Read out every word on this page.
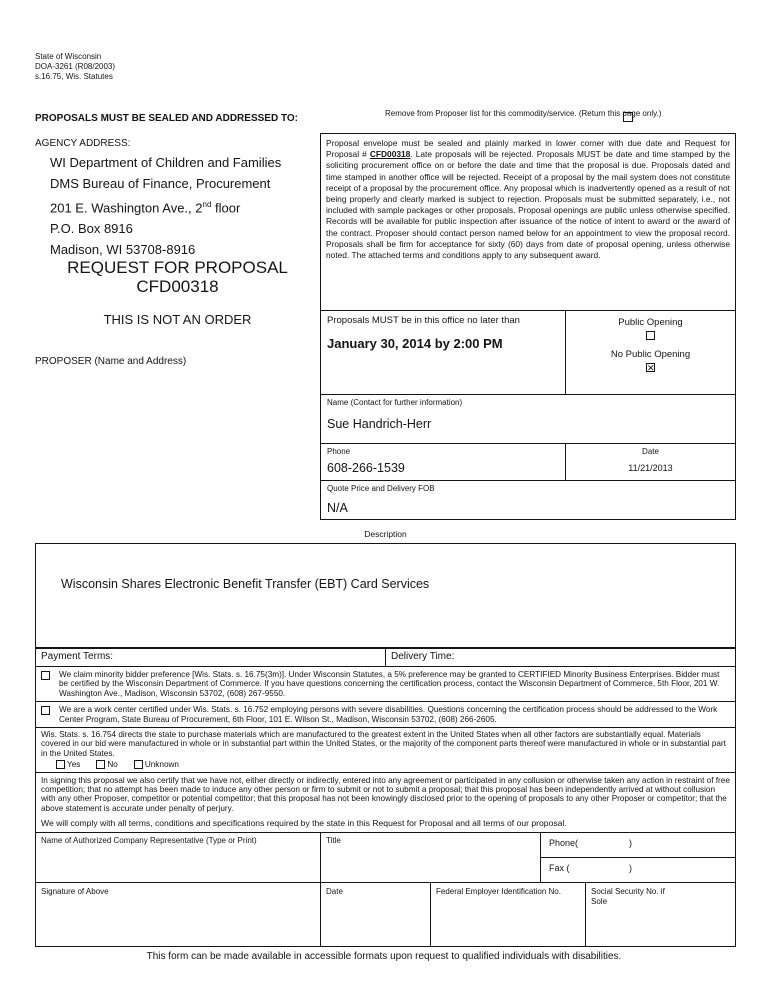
State of Wisconsin
DOA-3261 (R08/2003)
s.16.75, Wis. Statutes
PROPOSALS MUST BE SEALED AND ADDRESSED TO:	Remove from Proposer list for this commodity/service. (Return this page only.)
AGENCY ADDRESS:
WI Department of Children and Families
DMS Bureau of Finance, Procurement
201 E. Washington Ave., 2nd floor
P.O. Box 8916
Madison, WI 53708-8916
REQUEST FOR PROPOSAL
CFD00318
THIS IS NOT AN ORDER
PROPOSER (Name and Address)
Proposal envelope must be sealed and plainly marked in lower corner with due date and Request for Proposal # CFD00318. Late proposals will be rejected. Proposals MUST be date and time stamped by the soliciting procurement office on or before the date and time that the proposal is due. Proposals dated and time stamped in another office will be rejected. Receipt of a proposal by the mail system does not constitute receipt of a proposal by the procurement office. Any proposal which is inadvertently opened as a result of not being properly and clearly marked is subject to rejection. Proposals must be submitted separately, i.e., not included with sample packages or other proposals. Proposal openings are public unless otherwise specified. Records will be available for public inspection after issuance of the notice of intent to award or the award of the contract. Proposer should contact person named below for an appointment to view the proposal record. Proposals shall be firm for acceptance for sixty (60) days from date of proposal opening, unless otherwise noted. The attached terms and conditions apply to any subsequent award.
Proposals MUST be in this office no later than
January 30, 2014 by 2:00 PM
Public Opening
No Public Opening
✕
Name (Contact for further information)
Sue Handrich-Herr
Phone
608-266-1539
Date
11/21/2013
Quote Price and Delivery FOB
N/A
Description
Wisconsin Shares Electronic Benefit Transfer (EBT) Card Services
Payment Terms:	Delivery Time:
We claim minority bidder preference [Wis. Stats. s. 16.75(3m)]. Under Wisconsin Statutes, a 5% preference may be granted to CERTIFIED Minority Business Enterprises. Bidder must be certified by the Wisconsin Department of Commerce. If you have questions concerning the certification process, contact the Wisconsin Department of Commerce, 5th Floor, 201 W. Washington Ave., Madison, Wisconsin 53702, (608) 267-9550.
We are a work center certified under Wis. Stats. s. 16.752 employing persons with severe disabilities. Questions concerning the certification process should be addressed to the Work Center Program, State Bureau of Procurement, 6th Floor, 101 E. Wilson St., Madison, Wisconsin 53702, (608) 266-2605.
Wis. Stats. s. 16.754 directs the state to purchase materials which are manufactured to the greatest extent in the United States when all other factors are substantially equal. Materials covered in our bid were manufactured in whole or in substantial part within the United States, or the majority of the component parts thereof were manufactured in whole or in substantial part in the United States.
Yes	No	Unknown
In signing this proposal we also certify that we have not, either directly or indirectly, entered into any agreement or participated in any collusion or otherwise taken any action in restraint of free competition; that no attempt has been made to induce any other person or firm to submit or not to submit a proposal; that this proposal has been independently arrived at without collusion with any other Proposer, competitor or potential competitor; that this proposal has not been knowingly disclosed prior to the opening of proposals to any other Proposer or competitor; that the above statement is accurate under penalty of perjury.
We will comply with all terms, conditions and specifications required by the state in this Request for Proposal and all terms of our proposal.
Name of Authorized Company Representative (Type or Print)	Title	Phone(	)
Fax (	)
Signature of Above	Date	Federal Employer Identification No.	Social Security No. if Sole
This form can be made available in accessible formats upon request to qualified individuals with disabilities.
